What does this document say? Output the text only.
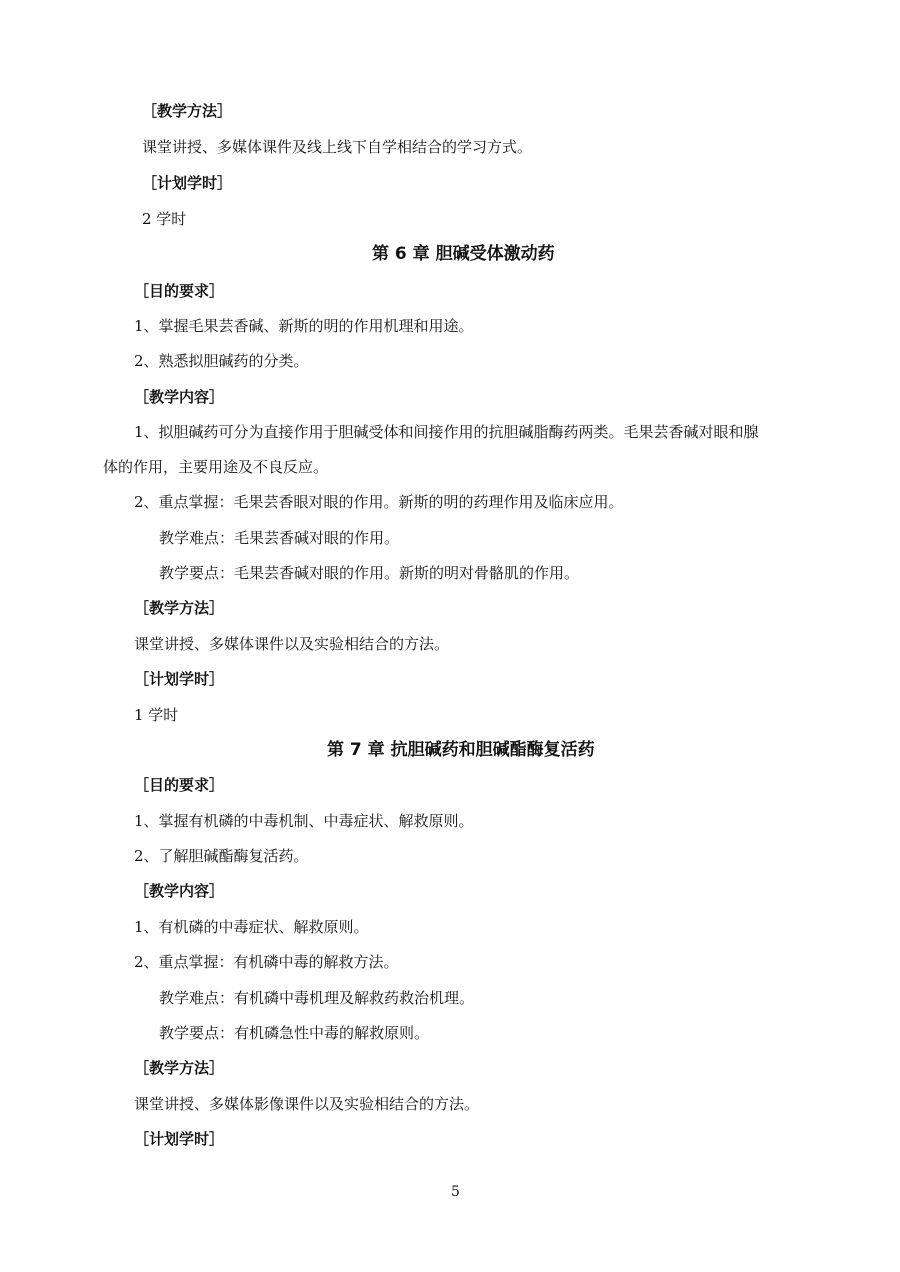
［教学方法］
课堂讲授、多媒体课件及线上线下自学相结合的学习方式。
［计划学时］
2 学时
第 6 章 胆碱受体激动药
［目的要求］
1、掌握毛果芸香碱、新斯的明的作用机理和用途。
2、熟悉拟胆碱药的分类。
［教学内容］
1、拟胆碱药可分为直接作用于胆碱受体和间接作用的抗胆碱脂酶药两类。毛果芸香碱对眼和腺
体的作用，主要用途及不良反应。
2、重点掌握：毛果芸香眼对眼的作用。新斯的明的药理作用及临床应用。
教学难点：毛果芸香碱对眼的作用。
教学要点：毛果芸香碱对眼的作用。新斯的明对骨骼肌的作用。
［教学方法］
课堂讲授、多媒体课件以及实验相结合的方法。
［计划学时］
1 学时
第 7 章 抗胆碱药和胆碱酯酶复活药
［目的要求］
1、掌握有机磷的中毒机制、中毒症状、解救原则。
2、了解胆碱酯酶复活药。
［教学内容］
1、有机磷的中毒症状、解救原则。
2、重点掌握：有机磷中毒的解救方法。
教学难点：有机磷中毒机理及解救药救治机理。
教学要点：有机磷急性中毒的解救原则。
［教学方法］
课堂讲授、多媒体影像课件以及实验相结合的方法。
［计划学时］
5
